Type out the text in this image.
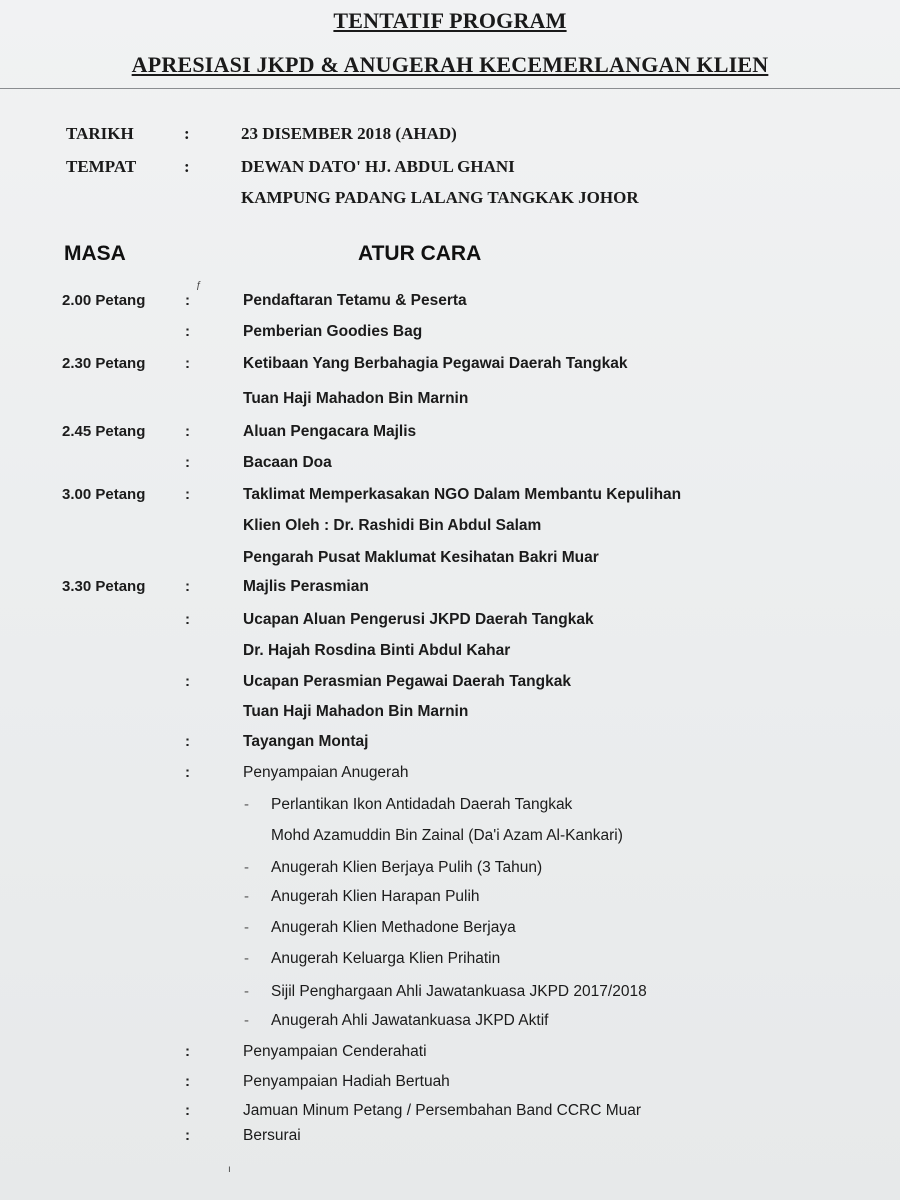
TENTATIF PROGRAM
APRESIASI JKPD & ANUGERAH KECEMERLANGAN KLIEN
TARIKH	:	23 DISEMBER 2018 (AHAD)
TEMPAT	:	DEWAN DATO' HJ. ABDUL GHANI
KAMPUNG PADANG LALANG TANGKAK JOHOR
MASA	ATUR CARA
2.00 Petang	:	Pendaftaran Tetamu & Peserta
:	Pemberian Goodies Bag
2.30 Petang	:	Ketibaan Yang Berbahagia Pegawai Daerah Tangkak
Tuan Haji Mahadon Bin Marnin
2.45 Petang	:	Aluan Pengacara Majlis
:	Bacaan Doa
3.00 Petang	:	Taklimat Memperkasakan NGO Dalam Membantu Kepulihan
Klien Oleh : Dr. Rashidi Bin Abdul Salam
Pengarah Pusat Maklumat Kesihatan Bakri Muar
3.30 Petang	:	Majlis Perasmian
:	Ucapan Aluan Pengerusi JKPD Daerah Tangkak
Dr. Hajah Rosdina Binti Abdul Kahar
:	Ucapan Perasmian Pegawai Daerah Tangkak
Tuan Haji Mahadon Bin Marnin
:	Tayangan Montaj
:	Penyampaian Anugerah
- Perlantikan Ikon Antidadah Daerah Tangkak
Mohd Azamuddin Bin Zainal (Da'i Azam Al-Kankari)
- Anugerah Klien Berjaya Pulih (3 Tahun)
- Anugerah Klien Harapan Pulih
- Anugerah Klien Methadone Berjaya
- Anugerah Keluarga Klien Prihatin
- Sijil Penghargaan Ahli Jawatankuasa JKPD 2017/2018
- Anugerah Ahli Jawatankuasa JKPD Aktif
:	Penyampaian Cenderahati
:	Penyampaian Hadiah Bertuah
:	Jamuan Minum Petang / Persembahan Band CCRC Muar
:	Bersurai
ƒ
ı
